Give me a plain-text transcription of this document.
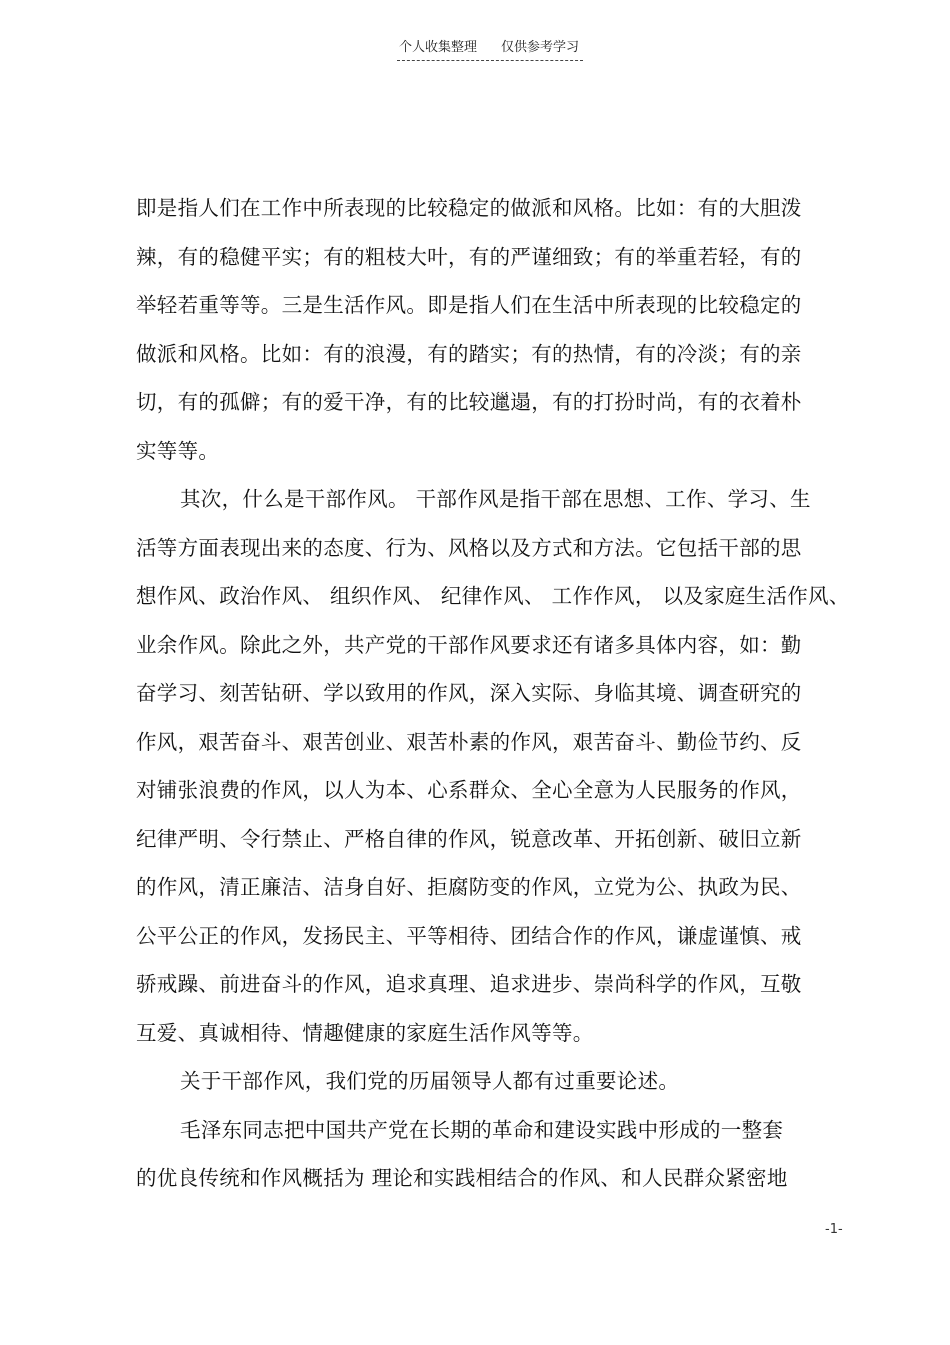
个人收集整理 仅供参考学习
即是指人们在工作中所表现的比较稳定的做派和风格。比如：有的大胆泼
辣，有的稳健平实；有的粗枝大叶，有的严谨细致；有的举重若轻，有的
举轻若重等等。三是生活作风。即是指人们在生活中所表现的比较稳定的
做派和风格。比如：有的浪漫，有的踏实；有的热情，有的冷淡；有的亲
切，有的孤僻；有的爱干净，有的比较邋遢，有的打扮时尚，有的衣着朴
实等等。
其次，什么是干部作风。 干部作风是指干部在思想、工作、学习、生
活等方面表现出来的态度、行为、风格以及方式和方法。它包括干部的思
想作风、政治作风、 组织作风、 纪律作风、 工作作风， 以及家庭生活作风、
业余作风。除此之外，共产党的干部作风要求还有诸多具体内容，如：勤
奋学习、刻苦钻研、学以致用的作风，深入实际、身临其境、调查研究的
作风，艰苦奋斗、艰苦创业、艰苦朴素的作风，艰苦奋斗、勤俭节约、反
对铺张浪费的作风，以人为本、心系群众、全心全意为人民服务的作风，
纪律严明、令行禁止、严格自律的作风，锐意改革、开拓创新、破旧立新
的作风，清正廉洁、洁身自好、拒腐防变的作风，立党为公、执政为民、
公平公正的作风，发扬民主、平等相待、团结合作的作风，谦虚谨慎、戒
骄戒躁、前进奋斗的作风，追求真理、追求进步、崇尚科学的作风，互敬
互爱、真诚相待、情趣健康的家庭生活作风等等。
关于干部作风，我们党的历届领导人都有过重要论述。
毛泽东同志把中国共产党在长期的革命和建设实践中形成的一整套
的优良传统和作风概括为 理论和实践相结合的作风、和人民群众紧密地
-1-
